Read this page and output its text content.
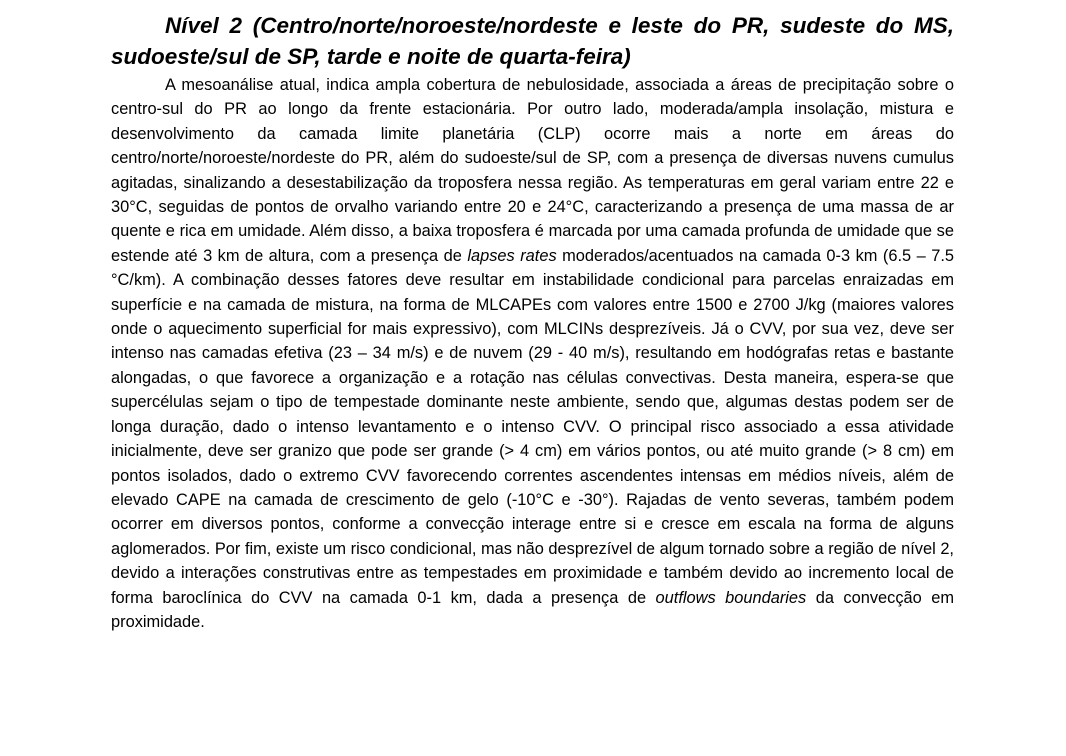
Nível 2 (Centro/norte/noroeste/nordeste e leste do PR, sudeste do MS, sudoeste/sul de SP, tarde e noite de quarta-feira)

A mesoanálise atual, indica ampla cobertura de nebulosidade, associada a áreas de precipitação sobre o centro-sul do PR ao longo da frente estacionária. Por outro lado, moderada/ampla insolação, mistura e desenvolvimento da camada limite planetária (CLP) ocorre mais a norte em áreas do centro/norte/noroeste/nordeste do PR, além do sudoeste/sul de SP, com a presença de diversas nuvens cumulus agitadas, sinalizando a desestabilização da troposfera nessa região. As temperaturas em geral variam entre 22 e 30°C, seguidas de pontos de orvalho variando entre 20 e 24°C, caracterizando a presença de uma massa de ar quente e rica em umidade. Além disso, a baixa troposfera é marcada por uma camada profunda de umidade que se estende até 3 km de altura, com a presença de lapses rates moderados/acentuados na camada 0-3 km (6.5 – 7.5 °C/km). A combinação desses fatores deve resultar em instabilidade condicional para parcelas enraizadas em superfície e na camada de mistura, na forma de MLCAPEs com valores entre 1500 e 2700 J/kg (maiores valores onde o aquecimento superficial for mais expressivo), com MLCINs desprezíveis. Já o CVV, por sua vez, deve ser intenso nas camadas efetiva (23 – 34 m/s) e de nuvem (29 - 40 m/s), resultando em hodógrafas retas e bastante alongadas, o que favorece a organização e a rotação nas células convectivas. Desta maneira, espera-se que supercélulas sejam o tipo de tempestade dominante neste ambiente, sendo que, algumas destas podem ser de longa duração, dado o intenso levantamento e o intenso CVV. O principal risco associado a essa atividade inicialmente, deve ser granizo que pode ser grande (> 4 cm) em vários pontos, ou até muito grande (> 8 cm) em pontos isolados, dado o extremo CVV favorecendo correntes ascendentes intensas em médios níveis, além de elevado CAPE na camada de crescimento de gelo (-10°C e -30°). Rajadas de vento severas, também podem ocorrer em diversos pontos, conforme a convecção interage entre si e cresce em escala na forma de alguns aglomerados. Por fim, existe um risco condicional, mas não desprezível de algum tornado sobre a região de nível 2, devido a interações construtivas entre as tempestades em proximidade e também devido ao incremento local de forma baroclínica do CVV na camada 0-1 km, dada a presença de outflows boundaries da convecção em proximidade.
